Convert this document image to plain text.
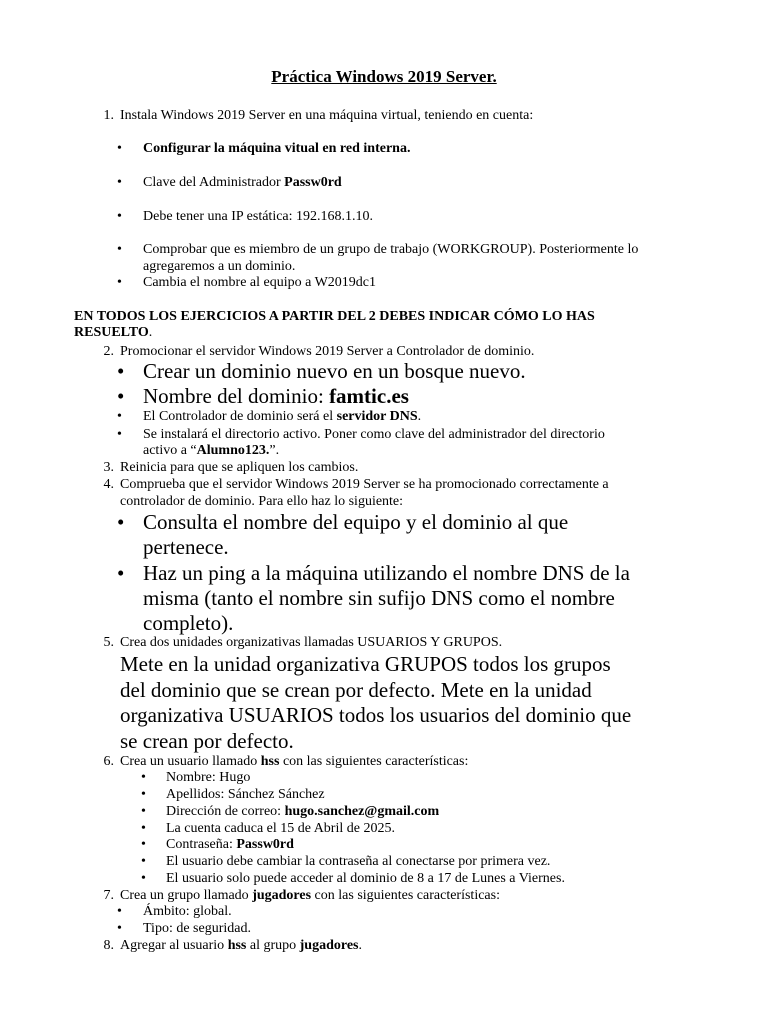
Práctica Windows 2019 Server.
1. Instala Windows 2019 Server en una máquina virtual, teniendo en cuenta:
• Configurar la máquina vitual en red interna.
• Clave del Administrador Passw0rd
• Debe tener una IP estática: 192.168.1.10.
• Comprobar que es miembro de un grupo de trabajo (WORKGROUP). Posteriormente lo
agregaremos a un dominio.
• Cambia el nombre al equipo a W2019dc1
EN TODOS LOS EJERCICIOS A PARTIR DEL 2 DEBES INDICAR CÓMO LO HAS
RESUELTO.
2. Promocionar el servidor Windows 2019 Server a Controlador de dominio.
• Crear un dominio nuevo en un bosque nuevo.
• Nombre del dominio: famtic.es
• El Controlador de dominio será el servidor DNS.
• Se instalará el directorio activo. Poner como clave del administrador del directorio
activo a “Alumno123.”.
3. Reinicia para que se apliquen los cambios.
4. Comprueba que el servidor Windows 2019 Server se ha promocionado correctamente a
controlador de dominio. Para ello haz lo siguiente:
• Consulta el nombre del equipo y el dominio al que
pertenece.
• Haz un ping a la máquina utilizando el nombre DNS de la
misma (tanto el nombre sin sufijo DNS como el nombre
completo).
5. Crea dos unidades organizativas llamadas USUARIOS Y GRUPOS.
Mete en la unidad organizativa GRUPOS todos los grupos
del dominio que se crean por defecto. Mete en la unidad
organizativa USUARIOS todos los usuarios del dominio que
se crean por defecto.
6. Crea un usuario llamado hss con las siguientes características:
• Nombre: Hugo
• Apellidos: Sánchez Sánchez
• Dirección de correo: hugo.sanchez@gmail.com
• La cuenta caduca el 15 de Abril de 2025.
• Contraseña: Passw0rd
• El usuario debe cambiar la contraseña al conectarse por primera vez.
• El usuario solo puede acceder al dominio de 8 a 17 de Lunes a Viernes.
7. Crea un grupo llamado jugadores con las siguientes características:
• Ámbito: global.
• Tipo: de seguridad.
8. Agregar al usuario hss al grupo jugadores.
